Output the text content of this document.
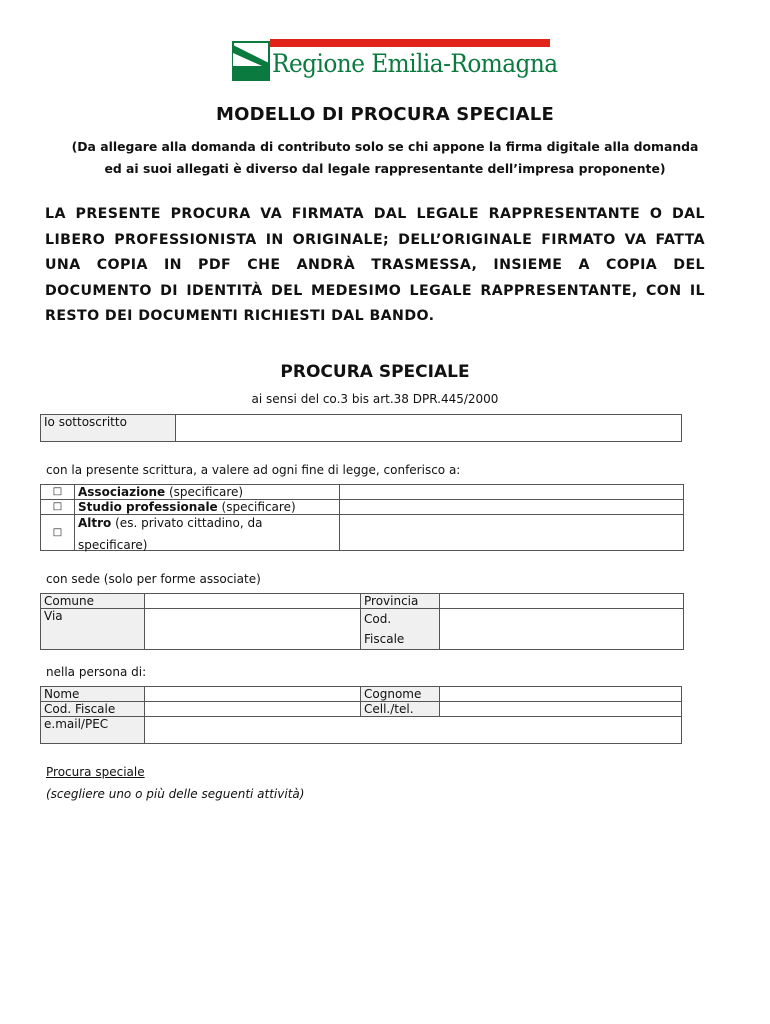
Regione Emilia-Romagna
MODELLO DI PROCURA SPECIALE
(Da allegare alla domanda di contributo solo se chi appone la firma digitale alla domanda
ed ai suoi allegati è diverso dal legale rappresentante dell’impresa proponente)
LA PRESENTE PROCURA VA FIRMATA DAL LEGALE RAPPRESENTANTE O DAL LIBERO PROFESSIONISTA IN ORIGINALE; DELL’ORIGINALE FIRMATO VA FATTA UNA COPIA IN PDF CHE ANDRÀ TRASMESSA, INSIEME A COPIA DEL DOCUMENTO DI IDENTITÀ DEL MEDESIMO LEGALE RAPPRESENTANTE, CON IL RESTO DEI DOCUMENTI RICHIESTI DAL BANDO.
PROCURA SPECIALE
ai sensi del co.3 bis art.38 DPR.445/2000
Io sottoscritto	
con la presente scrittura, a valere ad ogni fine di legge, conferisco a:
□	Associazione (specificare)	
□	Studio professionale (specificare)	
□	Altro (es. privato cittadino, da
specificare)	
con sede (solo per forme associate)
Comune		Provincia	
Via		Cod.
Fiscale	
nella persona di:
Nome		Cognome	
Cod. Fiscale		Cell./tel.	
e.mail/PEC			
Procura speciale
(scegliere uno o più delle seguenti attività)
